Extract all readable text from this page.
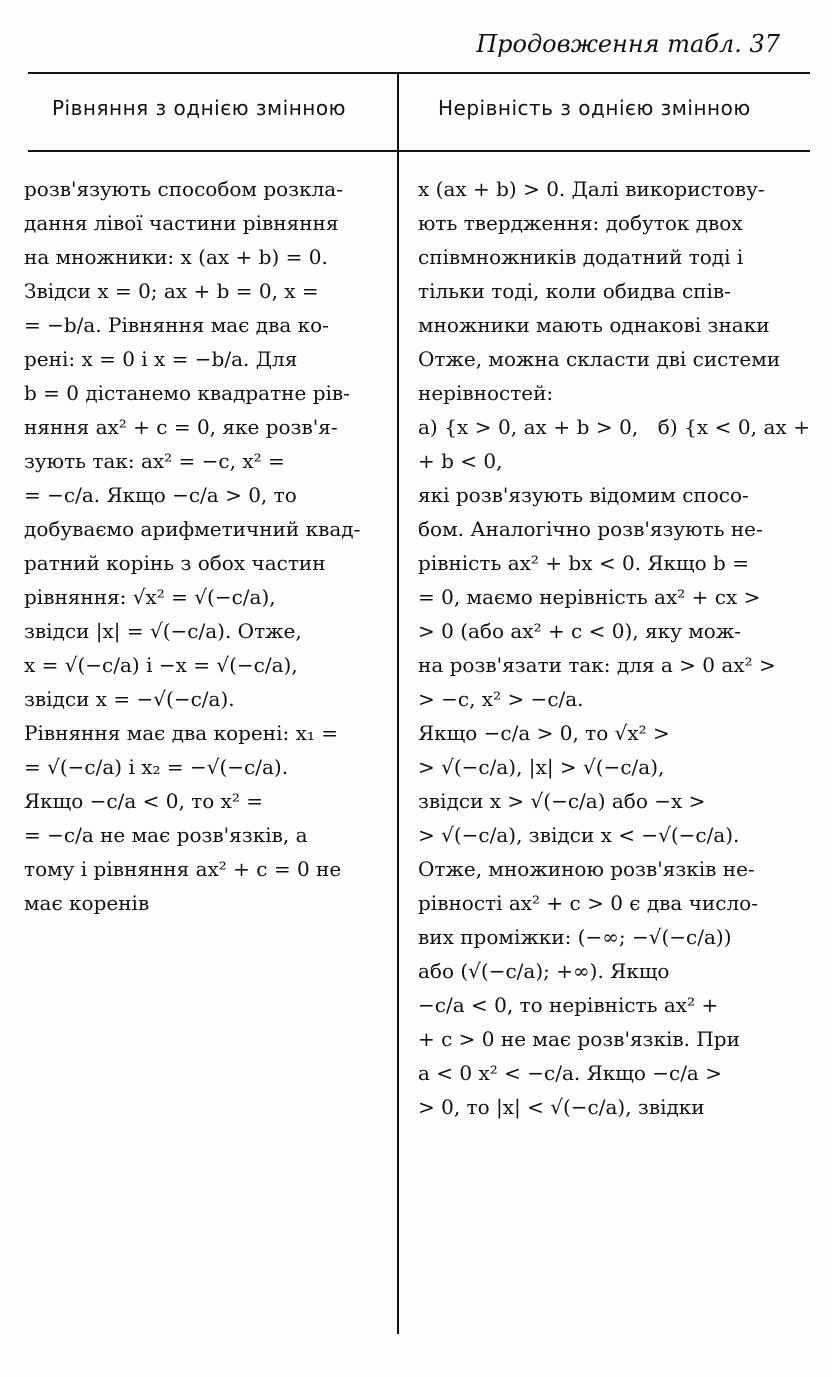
Продовження табл. 37
Рівняння з однією змінною	Нерівність з однією змінною
розв'язують способом розкла-
дання лівої частини рівняння
на множники: x (ax + b) = 0.
Звідси x = 0; ax + b = 0, x =
= −b/a. Рівняння має два ко-
рені: x = 0 і x = −b/a. Для
b = 0 дістанемо квадратне рів-
няння ax² + c = 0, яке розв'я-
зують так: ax² = −c, x² =
= −c/a. Якщо −c/a > 0, то
добуваємо арифметичний квад-
ратний корінь з обох частин
рівняння: √x² = √(−c/a),
звідси |x| = √(−c/a). Отже,
x = √(−c/a) і −x = √(−c/a),
звідси x = −√(−c/a).
Рівняння має два корені: x₁ =
= √(−c/a) і x₂ = −√(−c/a).
Якщо −c/a < 0, то x² =
= −c/a не має розв'язків, а
тому і рівняння ax² + c = 0 не
має коренів
x (ax + b) > 0. Далі використову-
ють твердження: добуток двох
співмножників додатний тоді і
тільки тоді, коли обидва спів-
множники мають однакові знаки
Отже, можна скласти дві системи
нерівностей:
а) {x > 0, ax + b > 0,   б) {x < 0, ax + + b < 0,
які розв'язують відомим спосо-
бом. Аналогічно розв'язують не-
рівність ax² + bx < 0. Якщо b =
= 0, маємо нерівність ax² + cx >
> 0 (або ax² + c < 0), яку мож-
на розв'язати так: для a > 0 ax² >
> −c, x² > −c/a.
Якщо −c/a > 0, то √x² >
> √(−c/a), |x| > √(−c/a),
звідси x > √(−c/a) або −x >
> √(−c/a), звідси x < −√(−c/a).
Отже, множиною розв'язків не-
рівності ax² + c > 0 є два число-
вих проміжки: (−∞; −√(−c/a))
або (√(−c/a); +∞). Якщо
−c/a < 0, то нерівність ax² +
+ c > 0 не має розв'язків. При
a < 0 x² < −c/a. Якщо −c/a >
> 0, то |x| < √(−c/a), звідки
